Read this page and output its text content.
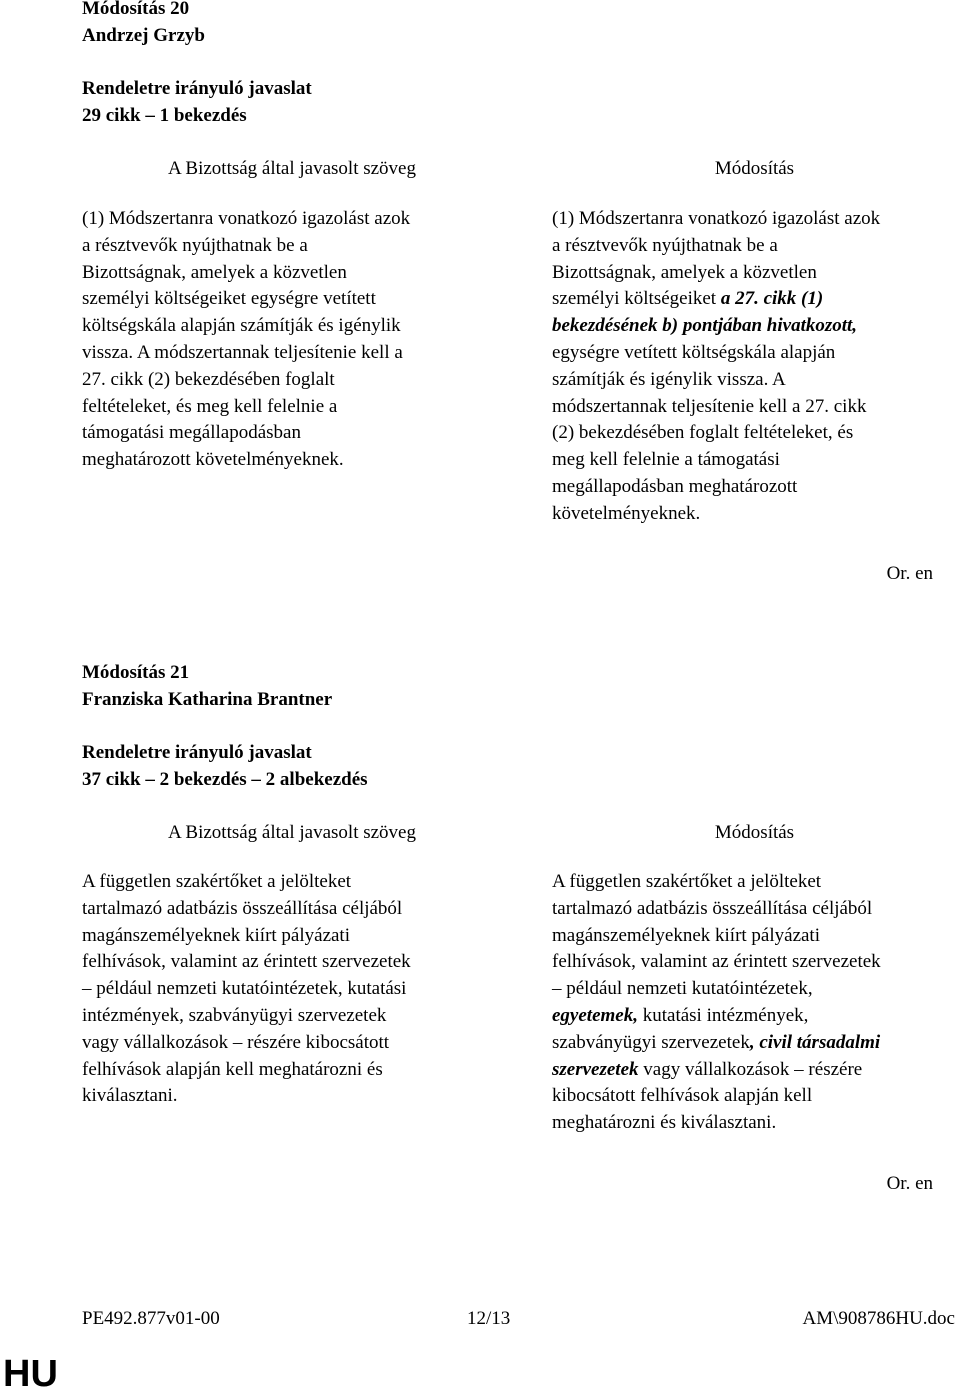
Módosítás 20
Andrzej Grzyb
Rendeletre irányuló javaslat
29 cikk – 1 bekezdés
A Bizottság által javasolt szöveg	Módosítás
(1) Módszertanra vonatkozó igazolást azok
a résztvevők nyújthatnak be a
Bizottságnak, amelyek a közvetlen
személyi költségeiket egységre vetített
költségskála alapján számítják és igénylik
vissza. A módszertannak teljesítenie kell a
27. cikk (2) bekezdésében foglalt
feltételeket, és meg kell felelnie a
támogatási megállapodásban
meghatározott követelményeknek.
(1) Módszertanra vonatkozó igazolást azok
a résztvevők nyújthatnak be a
Bizottságnak, amelyek a közvetlen
személyi költségeiket a 27. cikk (1)
bekezdésének b) pontjában hivatkozott,
egységre vetített költségskála alapján
számítják és igénylik vissza. A
módszertannak teljesítenie kell a 27. cikk
(2) bekezdésében foglalt feltételeket, és
meg kell felelnie a támogatási
megállapodásban meghatározott
követelményeknek.
Or. en
Módosítás 21
Franziska Katharina Brantner
Rendeletre irányuló javaslat
37 cikk – 2 bekezdés – 2 albekezdés
A Bizottság által javasolt szöveg	Módosítás
A független szakértőket a jelölteket
tartalmazó adatbázis összeállítása céljából
magánszemélyeknek kiírt pályázati
felhívások, valamint az érintett szervezetek
– például nemzeti kutatóintézetek, kutatási
intézmények, szabványügyi szervezetek
vagy vállalkozások – részére kibocsátott
felhívások alapján kell meghatározni és
kiválasztani.
A független szakértőket a jelölteket
tartalmazó adatbázis összeállítása céljából
magánszemélyeknek kiírt pályázati
felhívások, valamint az érintett szervezetek
– például nemzeti kutatóintézetek,
egyetemek, kutatási intézmények,
szabványügyi szervezetek, civil társadalmi
szervezetek vagy vállalkozások – részére
kibocsátott felhívások alapján kell
meghatározni és kiválasztani.
Or. en
PE492.877v01-00	12/13	AM\908786HU.doc
HU
